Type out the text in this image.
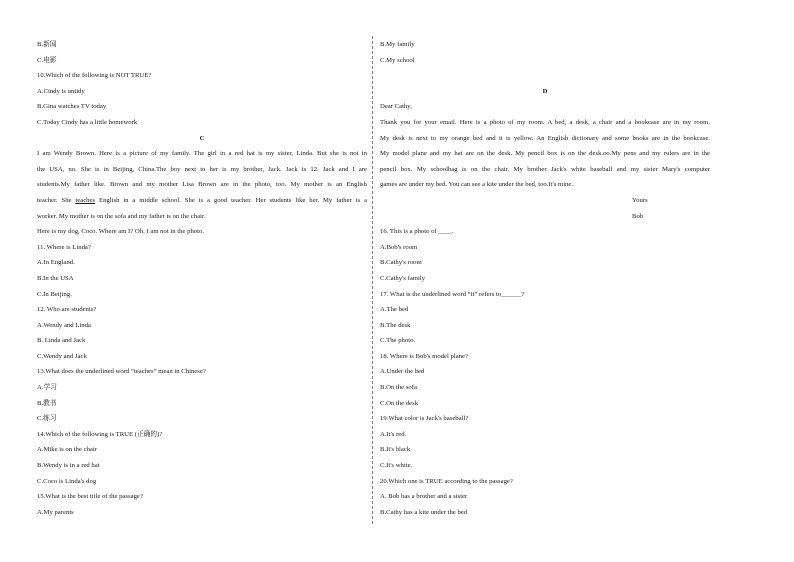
B.新闻
C.电影
10.Which of the following is NOT TRUE?
A.Cindy is untidy
B.Gina watches TV today
C.Today Cindy has a little homework
C
I am Wendy Brown. Here is a picture of my family. The girl in a red hat is my sister, Linda. But she is not in
the USA, no. She is in Beijing, China.The boy next to her is my brother, Jack. Jack is 12. Jack and I are
students.My father like. Brown and my mother Lisa Brown are in the photo, too. My mother is an English
teacher. She teaches English in a middle school. She is a good teacher. Her students like her. My father is a
worker. My mother is on the sofa and my father is on the chair.
Here is my dog, Coco. Where am I? Oh, I am not in the photo.
11. Where is Linda?
A.In England.
B.In the USA
C.In Beijing.
12. Who are students?
A.Wendy and Linda
B. Linda and Jack
C.Wendy and Jack
13.What does the underlined word “teaches” mean in Chinese?
A.学习
B.教书
C.练习
14.Which of the following is TRUE (正确的)?
A.Mike is on the chair
B.Wendy is in a red hat
C.Coco is Linda's dog
15.What is the best title of the passage?
A.My parents
B.My family
C.My school
D
Dear Cathy,
Thank you for your email. Here is a photo of my room. A bed, a desk, a chair and a bookcase are in my room.
My desk is next to my orange bed and it is yellow. An English dictionary and some books are in the bookcase.
My model plane and my hat are on the desk. My pencil box is on the desk.oo.My pens and my rulers are in the
pencil box. My schoolbag is on the chair. My brother Jack's white baseball and my sister Mary's computer
games are under my bed. You can see a kite under the bed, too.It's mine.
Yours
Bob
16. This is a photo of ____.
A.Bob's room
B.Cathy's room
C.Cathy's family
17. What is the underlined word “it” refers to______?
A.The bed
B.The desk
C.The photo.
18. Where is Bob's model plane?
A.Under the bed
B.On the sofa
C.On the desk
19.What color is Jack's baseball?
A.It's red.
B.It's black
C.It's white.
20.Which one is TRUE according to the passage?
A. Bob has a brother and a sister
B.Cathy has a kite under the bed
